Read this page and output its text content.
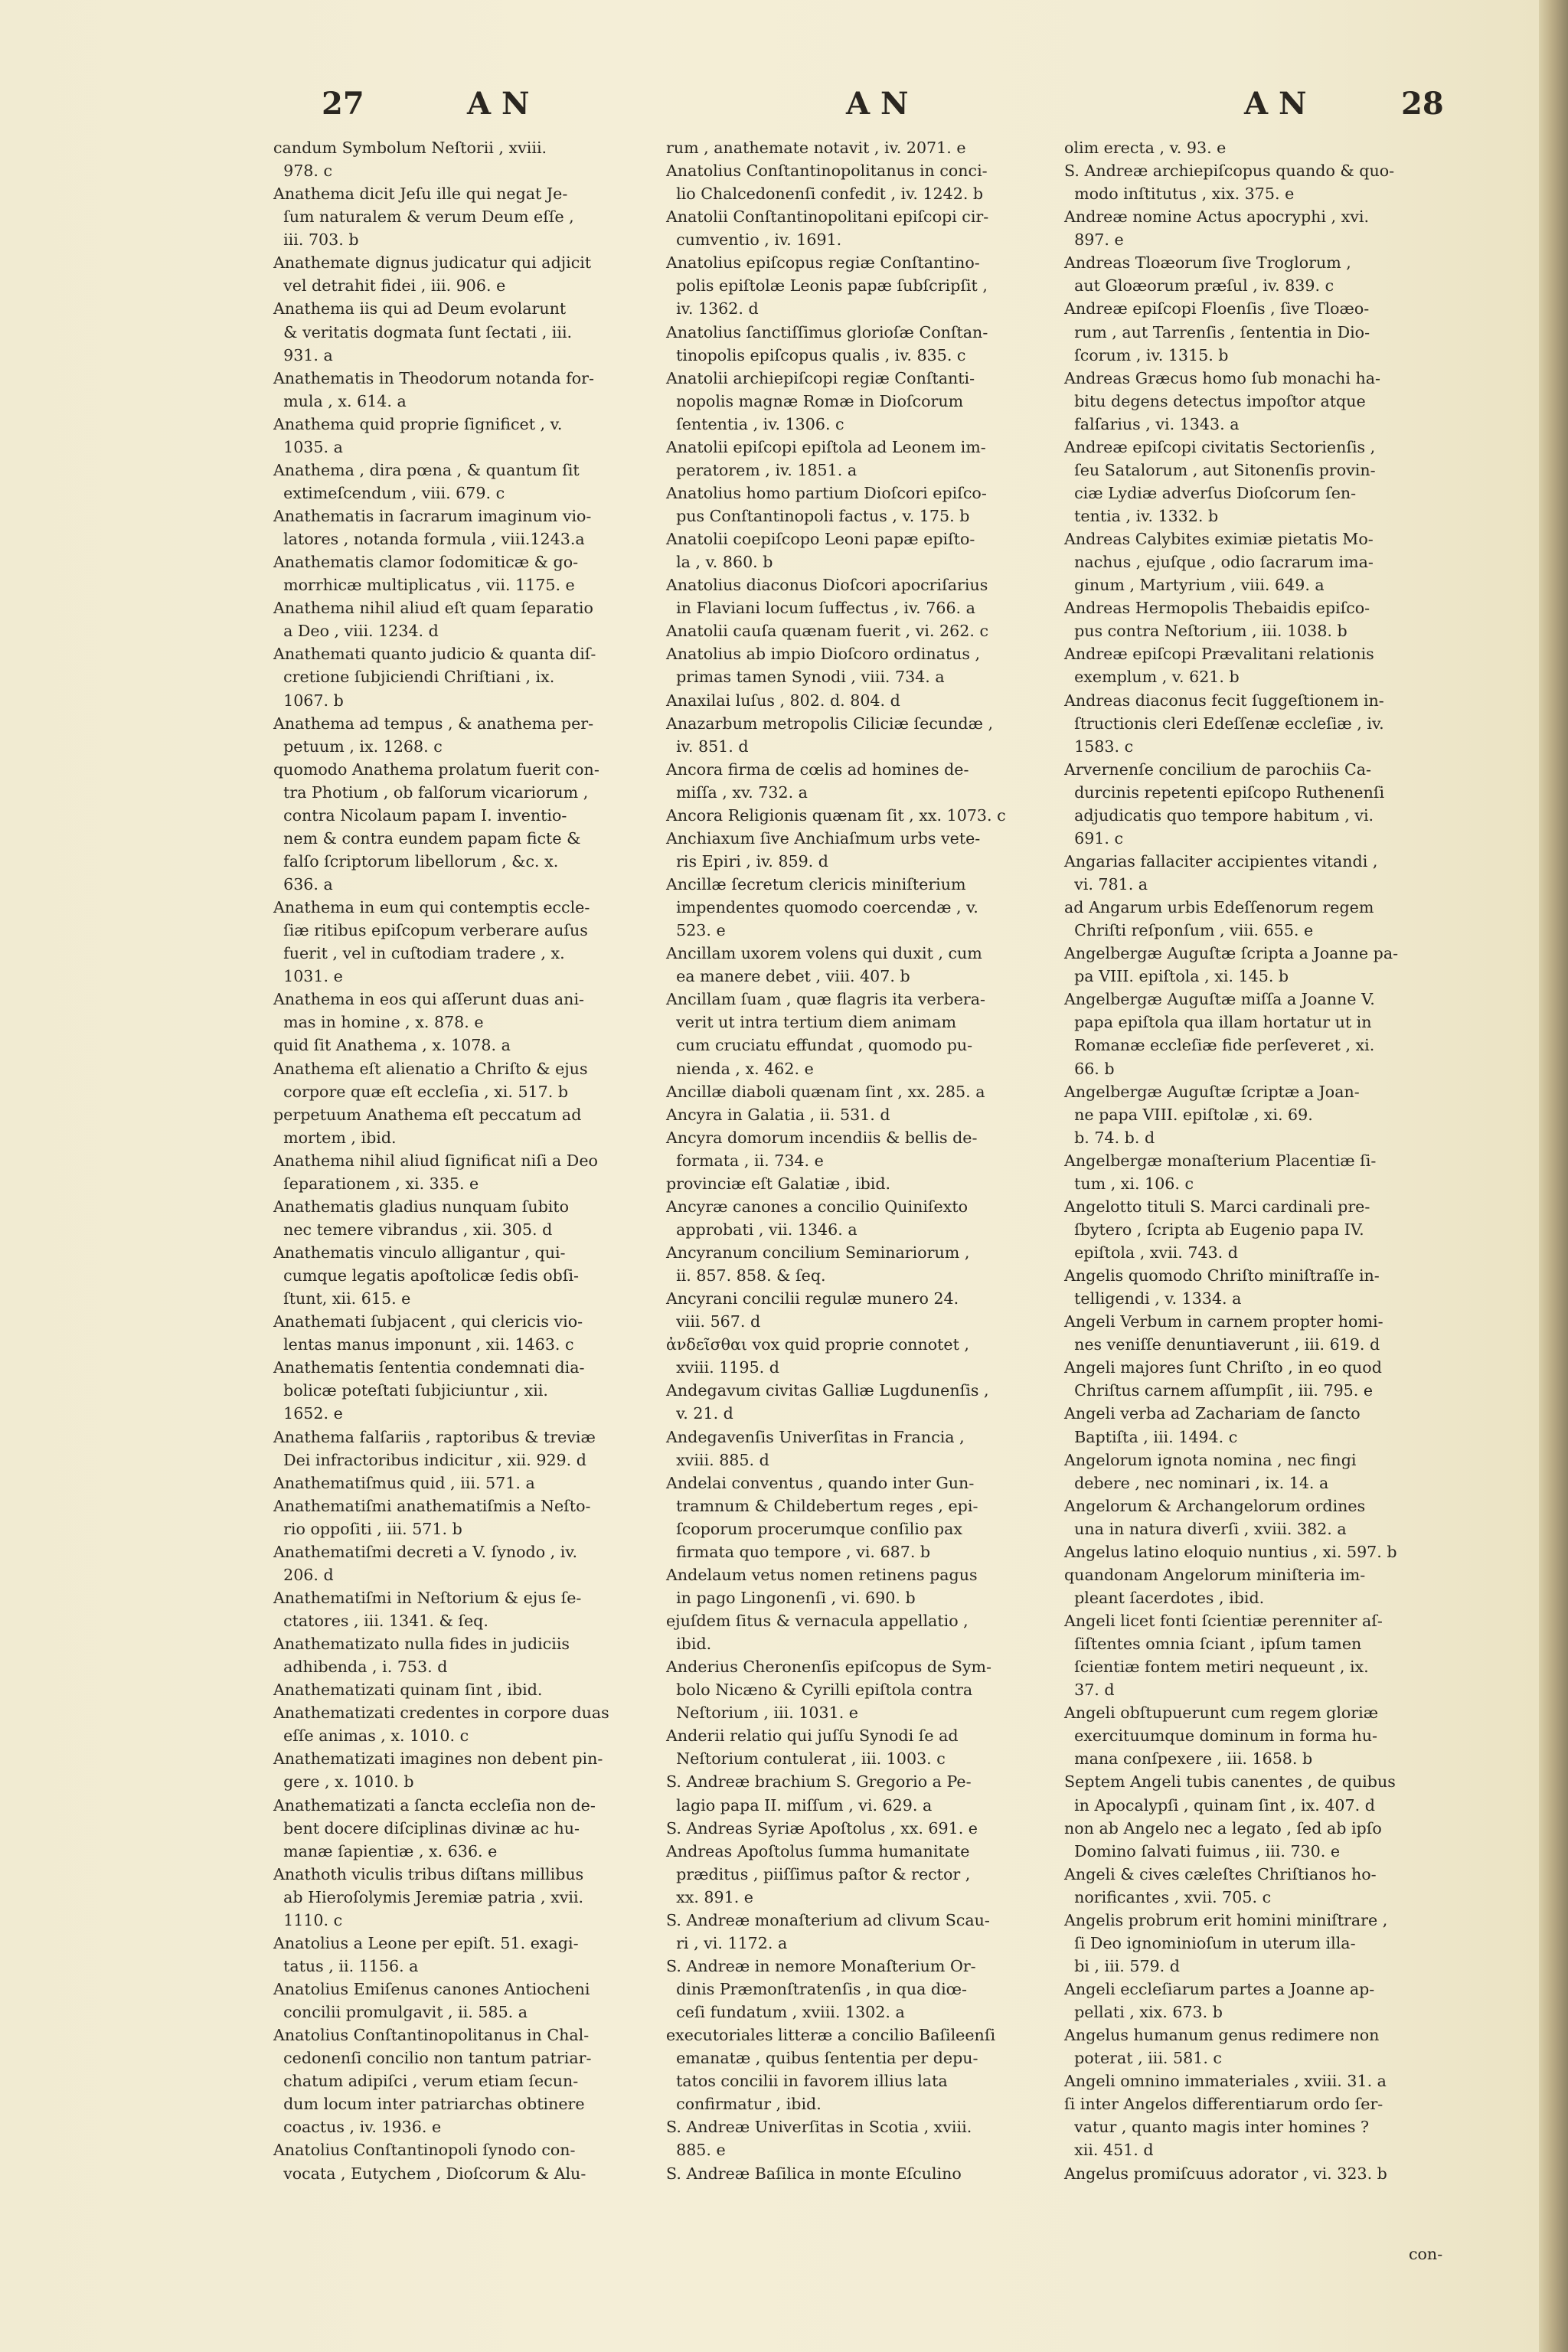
27	A N	A N	A N	28
candum Symbolum Neſtorii , xviii.
978. c
Anathema dicit Jeſu ille qui negat Je-
ſum naturalem & verum Deum eſſe ,
iii. 703. b
Anathemate dignus judicatur qui adjicit
vel detrahit fidei , iii. 906. e
Anathema iis qui ad Deum evolarunt
& veritatis dogmata ſunt ſectati , iii.
931. a
Anathematis in Theodorum notanda for-
mula , x. 614. a
Anathema quid proprie ſignificet , v.
1035. a
Anathema , dira pœna , & quantum ſit
extimeſcendum , viii. 679. c
Anathematis in ſacrarum imaginum vio-
latores , notanda formula , viii.1243.a
Anathematis clamor ſodomiticæ & go-
morrhicæ multiplicatus , vii. 1175. e
Anathema nihil aliud eſt quam ſeparatio
a Deo , viii. 1234. d
Anathemati quanto judicio & quanta diſ-
cretione ſubjiciendi Chriſtiani , ix.
1067. b
Anathema ad tempus , & anathema per-
petuum , ix. 1268. c
quomodo Anathema prolatum fuerit con-
tra Photium , ob falſorum vicariorum ,
contra Nicolaum papam I. inventio-
nem & contra eundem papam ficte &
falſo ſcriptorum libellorum , &c. x.
636. a
Anathema in eum qui contemptis eccle-
ſiæ ritibus epiſcopum verberare auſus
fuerit , vel in cuſtodiam tradere , x.
1031. e
Anathema in eos qui aſſerunt duas ani-
mas in homine , x. 878. e
quid ſit Anathema , x. 1078. a
Anathema eſt alienatio a Chriſto & ejus
corpore quæ eſt eccleſia , xi. 517. b
perpetuum Anathema eſt peccatum ad
mortem , ibid.
Anathema nihil aliud ſignificat niſi a Deo
ſeparationem , xi. 335. e
Anathematis gladius nunquam ſubito
nec temere vibrandus , xii. 305. d
Anathematis vinculo alligantur , qui-
cumque legatis apoſtolicæ ſedis obſi-
ſtunt, xii. 615. e
Anathemati ſubjacent , qui clericis vio-
lentas manus imponunt , xii. 1463. c
Anathematis ſententia condemnati dia-
bolicæ poteſtati ſubjiciuntur , xii.
1652. e
Anathema falſariis , raptoribus & treviæ
Dei infractoribus indicitur , xii. 929. d
Anathematiſmus quid , iii. 571. a
Anathematiſmi anathematiſmis a Neſto-
rio oppoſiti , iii. 571. b
Anathematiſmi decreti a V. ſynodo , iv.
206. d
Anathematiſmi in Neſtorium & ejus ſe-
ctatores , iii. 1341. & ſeq.
Anathematizato nulla fides in judiciis
adhibenda , i. 753. d
Anathematizati quinam ſint , ibid.
Anathematizati credentes in corpore duas
eſſe animas , x. 1010. c
Anathematizati imagines non debent pin-
gere , x. 1010. b
Anathematizati a ſancta eccleſia non de-
bent docere diſciplinas divinæ ac hu-
manæ ſapientiæ , x. 636. e
Anathoth viculis tribus diſtans millibus
ab Hieroſolymis Jeremiæ patria , xvii.
1110. c
Anatolius a Leone per epiſt. 51. exagi-
tatus , ii. 1156. a
Anatolius Emiſenus canones Antiocheni
concilii promulgavit , ii. 585. a
Anatolius Conſtantinopolitanus in Chal-
cedonenſi concilio non tantum patriar-
chatum adipiſci , verum etiam ſecun-
dum locum inter patriarchas obtinere
coactus , iv. 1936. e
Anatolius Conſtantinopoli ſynodo con-
vocata , Eutychem , Dioſcorum & Alu-
rum , anathemate notavit , iv. 2071. e
Anatolius Conſtantinopolitanus in conci-
lio Chalcedonenſi confedit , iv. 1242. b
Anatolii Conſtantinopolitani epiſcopi cir-
cumventio , iv. 1691.
Anatolius epiſcopus regiæ Conſtantino-
polis epiſtolæ Leonis papæ ſubſcripſit ,
iv. 1362. d
Anatolius ſanctiſſimus glorioſæ Conſtan-
tinopolis epiſcopus qualis , iv. 835. c
Anatolii archiepiſcopi regiæ Conſtanti-
nopolis magnæ Romæ in Dioſcorum
ſententia , iv. 1306. c
Anatolii epiſcopi epiſtola ad Leonem im-
peratorem , iv. 1851. a
Anatolius homo partium Dioſcori epiſco-
pus Conſtantinopoli factus , v. 175. b
Anatolii coepiſcopo Leoni papæ epiſto-
la , v. 860. b
Anatolius diaconus Dioſcori apocriſarius
in Flaviani locum ſuffectus , iv. 766. a
Anatolii cauſa quænam fuerit , vi. 262. c
Anatolius ab impio Dioſcoro ordinatus ,
primas tamen Synodi , viii. 734. a
Anaxilai luſus , 802. d. 804. d
Anazarbum metropolis Ciliciæ ſecundæ ,
iv. 851. d
Ancora firma de cœlis ad homines de-
miſſa , xv. 732. a
Ancora Religionis quænam ſit , xx. 1073. c
Anchiaxum ſive Anchiaſmum urbs vete-
ris Epiri , iv. 859. d
Ancillæ ſecretum clericis miniſterium
impendentes quomodo coercendæ , v.
523. e
Ancillam uxorem volens qui duxit , cum
ea manere debet , viii. 407. b
Ancillam ſuam , quæ flagris ita verbera-
verit ut intra tertium diem animam
cum cruciatu effundat , quomodo pu-
nienda , x. 462. e
Ancillæ diaboli quænam ſint , xx. 285. a
Ancyra in Galatia , ii. 531. d
Ancyra domorum incendiis & bellis de-
formata , ii. 734. e
provinciæ eſt Galatiæ , ibid.
Ancyræ canones a concilio Quiniſexto
approbati , vii. 1346. a
Ancyranum concilium Seminariorum ,
ii. 857. 858. & ſeq.
Ancyrani concilii regulæ munero 24.
viii. 567. d
ἀνδεῖσθαι vox quid proprie connotet ,
xviii. 1195. d
Andegavum civitas Galliæ Lugdunenſis ,
v. 21. d
Andegavenſis Univerſitas in Francia ,
xviii. 885. d
Andelai conventus , quando inter Gun-
tramnum & Childebertum reges , epi-
ſcoporum procerumque conſilio pax
firmata quo tempore , vi. 687. b
Andelaum vetus nomen retinens pagus
in pago Lingonenſi , vi. 690. b
ejuſdem ſitus & vernacula appellatio ,
ibid.
Anderius Cheronenſis epiſcopus de Sym-
bolo Nicæno & Cyrilli epiſtola contra
Neſtorium , iii. 1031. e
Anderii relatio qui juſſu Synodi ſe ad
Neſtorium contulerat , iii. 1003. c
S. Andreæ brachium S. Gregorio a Pe-
lagio papa II. miſſum , vi. 629. a
S. Andreas Syriæ Apoſtolus , xx. 691. e
Andreas Apoſtolus ſumma humanitate
præditus , piiſſimus paſtor & rector ,
xx. 891. e
S. Andreæ monaſterium ad clivum Scau-
ri , vi. 1172. a
S. Andreæ in nemore Monaſterium Or-
dinis Præmonſtratenſis , in qua diœ-
ceſi fundatum , xviii. 1302. a
executoriales litteræ a concilio Baſileenſi
emanatæ , quibus ſententia per depu-
tatos concilii in favorem illius lata
confirmatur , ibid.
S. Andreæ Univerſitas in Scotia , xviii.
885. e
S. Andreæ Baſilica in monte Eſculino
olim erecta , v. 93. e
S. Andreæ archiepiſcopus quando & quo-
modo inſtitutus , xix. 375. e
Andreæ nomine Actus apocryphi , xvi.
897. e
Andreas Tloæorum ſive Troglorum ,
aut Gloæorum præſul , iv. 839. c
Andreæ epiſcopi Floenſis , ſive Tloæo-
rum , aut Tarrenſis , ſententia in Dio-
ſcorum , iv. 1315. b
Andreas Græcus homo ſub monachi ha-
bitu degens detectus impoſtor atque
falſarius , vi. 1343. a
Andreæ epiſcopi civitatis Sectorienſis ,
ſeu Satalorum , aut Sitonenſis provin-
ciæ Lydiæ adverſus Dioſcorum ſen-
tentia , iv. 1332. b
Andreas Calybites eximiæ pietatis Mo-
nachus , ejuſque , odio ſacrarum ima-
ginum , Martyrium , viii. 649. a
Andreas Hermopolis Thebaidis epiſco-
pus contra Neſtorium , iii. 1038. b
Andreæ epiſcopi Prævalitani relationis
exemplum , v. 621. b
Andreas diaconus fecit ſuggeſtionem in-
ſtructionis cleri Edeſſenæ eccleſiæ , iv.
1583. c
Arvernenſe concilium de parochiis Ca-
durcinis repetenti epiſcopo Ruthenenſi
adjudicatis quo tempore habitum , vi.
691. c
Angarias fallaciter accipientes vitandi ,
vi. 781. a
ad Angarum urbis Edeſſenorum regem
Chriſti reſponſum , viii. 655. e
Angelbergæ Auguſtæ ſcripta a Joanne pa-
pa VIII. epiſtola , xi. 145. b
Angelbergæ Auguſtæ miſſa a Joanne V.
papa epiſtola qua illam hortatur ut in
Romanæ eccleſiæ fide perſeveret , xi.
66. b
Angelbergæ Auguſtæ ſcriptæ a Joan-
ne papa VIII. epiſtolæ , xi. 69.
b. 74. b. d
Angelbergæ monaſterium Placentiæ ſi-
tum , xi. 106. c
Angelotto tituli S. Marci cardinali pre-
ſbytero , ſcripta ab Eugenio papa IV.
epiſtola , xvii. 743. d
Angelis quomodo Chriſto miniſtraſſe in-
telligendi , v. 1334. a
Angeli Verbum in carnem propter homi-
nes veniſſe denuntiaverunt , iii. 619. d
Angeli majores ſunt Chriſto , in eo quod
Chriſtus carnem aſſumpſit , iii. 795. e
Angeli verba ad Zachariam de ſancto
Baptiſta , iii. 1494. c
Angelorum ignota nomina , nec fingi
debere , nec nominari , ix. 14. a
Angelorum & Archangelorum ordines
una in natura diverſi , xviii. 382. a
Angelus latino eloquio nuntius , xi. 597. b
quandonam Angelorum miniſteria im-
pleant ſacerdotes , ibid.
Angeli licet fonti ſcientiæ perenniter aſ-
ſiſtentes omnia ſciant , ipſum tamen
ſcientiæ fontem metiri nequeunt , ix.
37. d
Angeli obſtupuerunt cum regem gloriæ
exercituumque dominum in forma hu-
mana conſpexere , iii. 1658. b
Septem Angeli tubis canentes , de quibus
in Apocalypſi , quinam ſint , ix. 407. d
non ab Angelo nec a legato , ſed ab ipſo
Domino ſalvati fuimus , iii. 730. e
Angeli & cives cæleſtes Chriſtianos ho-
norificantes , xvii. 705. c
Angelis probrum erit homini miniſtrare ,
ſi Deo ignominioſum in uterum illa-
bi , iii. 579. d
Angeli eccleſiarum partes a Joanne ap-
pellati , xix. 673. b
Angelus humanum genus redimere non
poterat , iii. 581. c
Angeli omnino immateriales , xviii. 31. a
ſi inter Angelos differentiarum ordo ſer-
vatur , quanto magis inter homines ?
xii. 451. d
Angelus promiſcuus adorator , vi. 323. b
con-
